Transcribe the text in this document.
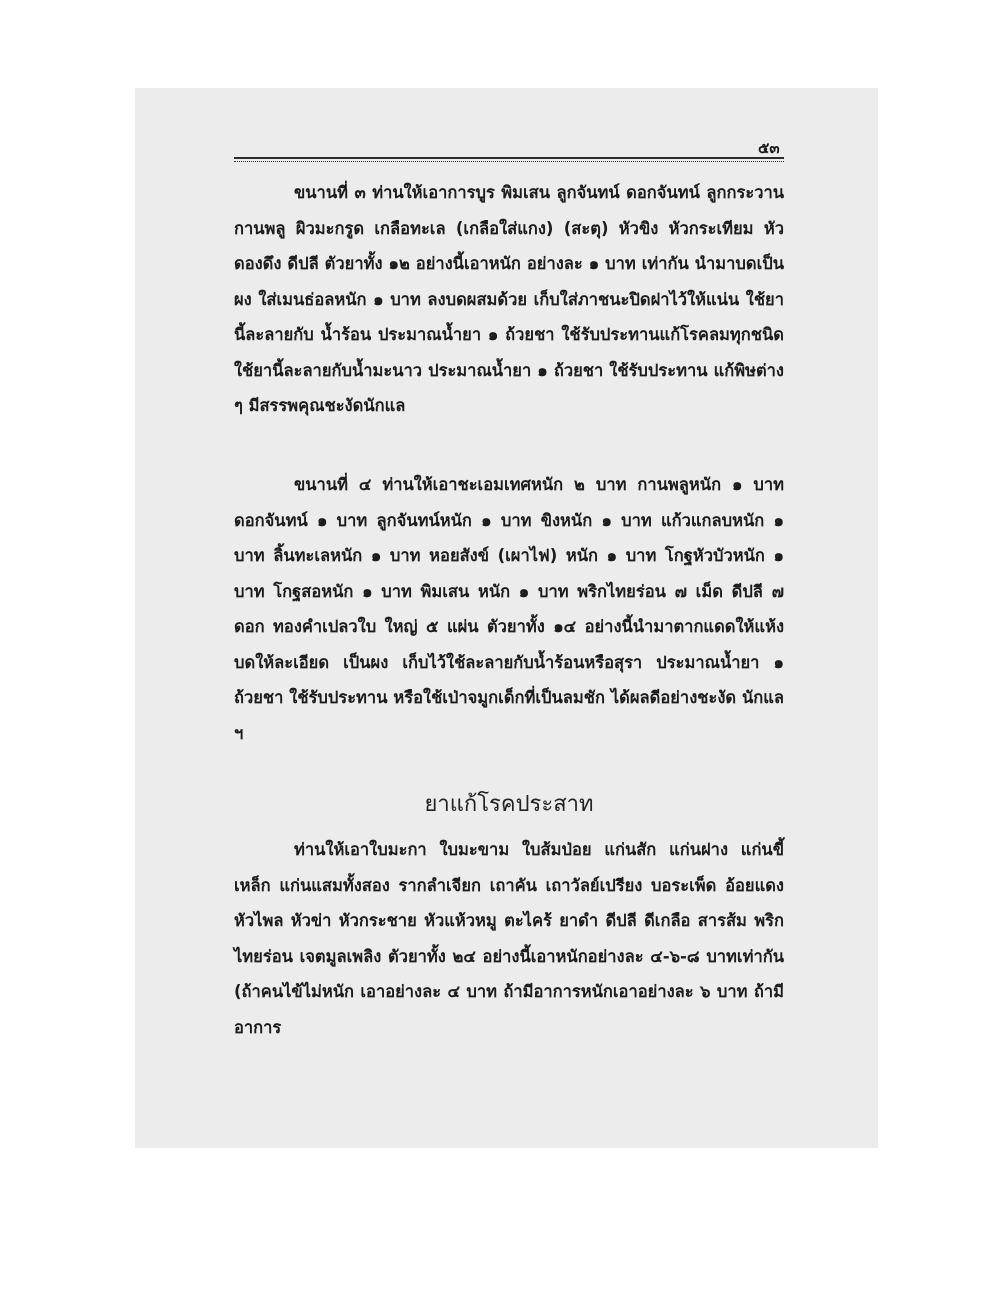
๕๓

ขนานที่ ๓ ท่านให้เอาการบูร พิมเสน ลูกจันทน์ ดอกจันทน์ ลูกกระวาน กานพลู ผิวมะกรูด เกลือทะเล (เกลือใส่แกง) (สะตุ) หัวขิง หัวกระเทียม หัวดองดึง ดีปลี ตัวยาทั้ง ๑๒ อย่างนี้เอาหนัก อย่างละ ๑ บาท เท่ากัน นำมาบดเป็นผง ใส่เมนธ่อลหนัก ๑ บาท ลงบดผสมด้วย เก็บใส่ภาชนะปิดฝาไว้ให้แน่น ใช้ยานี้ละลายกับ น้ำร้อน ประมาณน้ำยา ๑ ถ้วยชา ใช้รับประทานแก้โรคลมทุกชนิด ใช้ยานี้ละลายกับน้ำมะนาว ประมาณน้ำยา ๑ ถ้วยชา ใช้รับประทาน แก้พิษต่าง ๆ มีสรรพคุณชะงัดนักแล

ขนานที่ ๔ ท่านให้เอาชะเอมเทศหนัก ๒ บาท กานพลูหนัก ๑ บาท ดอกจันทน์ ๑ บาท ลูกจันทน์หนัก ๑ บาท ขิงหนัก ๑ บาท แก้วแกลบหนัก ๑ บาท ลิ้นทะเลหนัก ๑ บาท หอยสังข์ (เผาไฟ) หนัก ๑ บาท โกฐหัวบัวหนัก ๑ บาท โกฐสอหนัก ๑ บาท พิมเสน หนัก ๑ บาท พริกไทยร่อน ๗ เม็ด ดีปลี ๗ ดอก ทองคำเปลวใบ ใหญ่ ๕ แผ่น ตัวยาทั้ง ๑๔ อย่างนี้นำมาตากแดดให้แห้ง บดให้ละเอียด เป็นผง เก็บไว้ใช้ละลายกับน้ำร้อนหรือสุรา ประมาณน้ำยา ๑ ถ้วยชา ใช้รับประทาน หรือใช้เป่าจมูกเด็กที่เป็นลมชัก ได้ผลดีอย่างชะงัด นักแล ฯ

ยาแก้โรคประสาท

ท่านให้เอาใบมะกา ใบมะขาม ใบส้มป่อย แก่นสัก แก่นฝาง แก่นขี้เหล็ก แก่นแสมทั้งสอง รากลำเจียก เถาคัน เถาวัลย์เปรียง บอระเพ็ด อ้อยแดง หัวไพล หัวข่า หัวกระชาย หัวแห้วหมู ตะไคร้ ยาดำ ดีปลี ดีเกลือ สารส้ม พริกไทยร่อน เจตมูลเพลิง ตัวยาทั้ง ๒๔ อย่างนี้เอาหนักอย่างละ ๔-๖-๘ บาทเท่ากัน (ถ้าคนไข้ไม่หนัก เอาอย่างละ ๔ บาท ถ้ามีอาการหนักเอาอย่างละ ๖ บาท ถ้ามีอาการ
